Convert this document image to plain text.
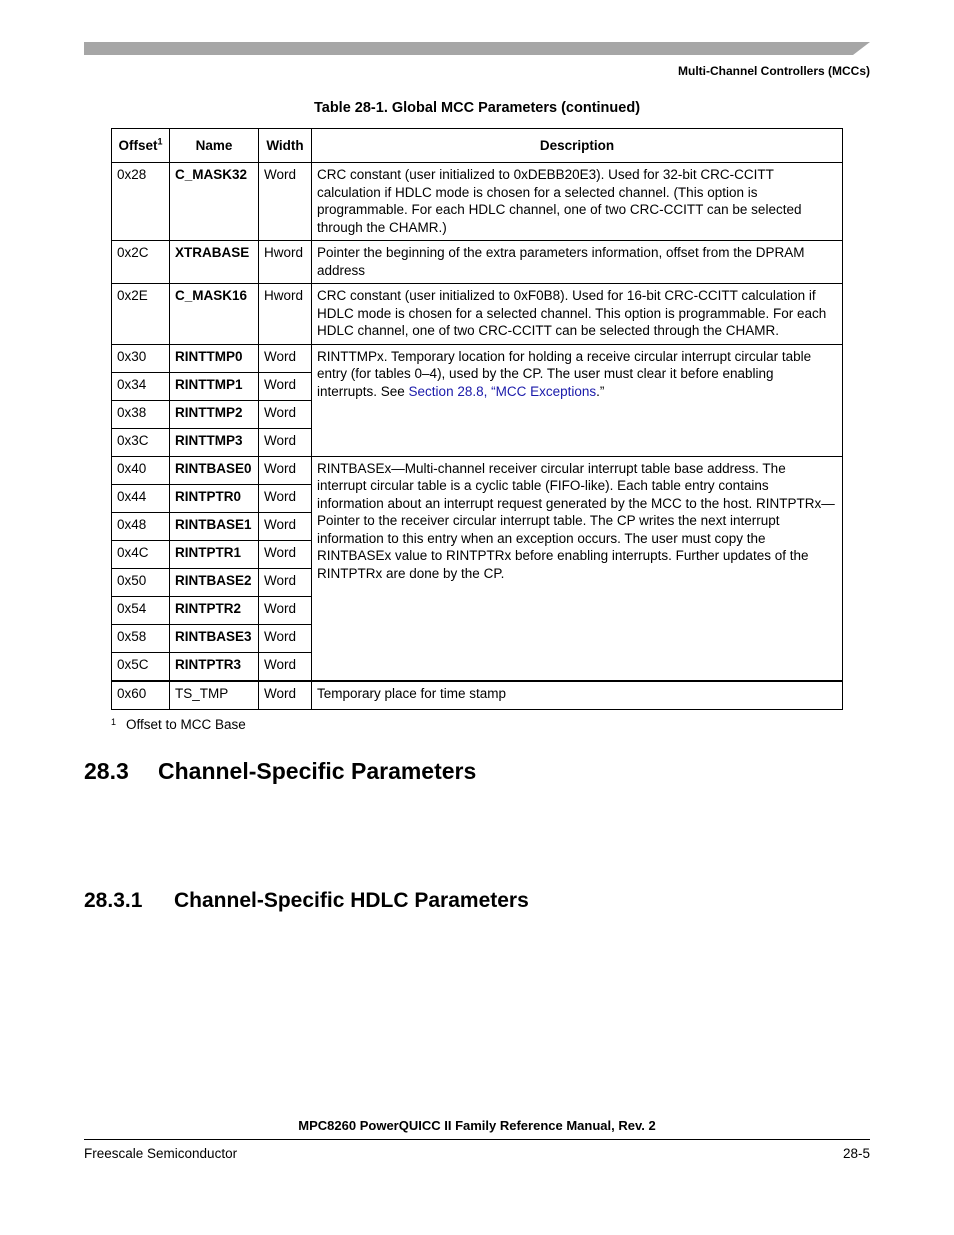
Multi-Channel Controllers (MCCs)
Table 28-1. Global MCC Parameters (continued)
Offset$^1$	Name	Width	Description
0x28	C_MASK32	Word	CRC constant (user initialized to 0xDEBB20E3). Used for 32-bit CRC-CCITT calculation if HDLC mode is chosen for a selected channel. (This option is programmable. For each HDLC channel, one of two CRC-CCITT can be selected through the CHAMR.)
0x2C	XTRABASE	Hword	Pointer the beginning of the extra parameters information, offset from the DPRAM address
0x2E	C_MASK16	Hword	CRC constant (user initialized to 0xF0B8). Used for 16-bit CRC-CCITT calculation if HDLC mode is chosen for a selected channel. This option is programmable. For each HDLC channel, one of two CRC-CCITT can be selected through the CHAMR.
0x30	RINTTMP0	Word	RINTTMPx. Temporary location for holding a receive circular interrupt circular table entry (for tables 0–4), used by the CP. The user must clear it before enabling interrupts. See Section 28.8, “MCC Exceptions.”
0x34	RINTTMP1	Word	
0x38	RINTTMP2	Word	
0x3C	RINTTMP3	Word	
0x40	RINTBASE0	Word	RINTBASEx—Multi-channel receiver circular interrupt table base address. The interrupt circular table is a cyclic table (FIFO-like). Each table entry contains information about an interrupt request generated by the MCC to the host. RINTPTRx—Pointer to the receiver circular interrupt table. The CP writes the next interrupt information to this entry when an exception occurs. The user must copy the RINTBASEx value to RINTPTRx before enabling interrupts. Further updates of the RINTPTRx are done by the CP.
0x44	RINTPTR0	Word	
0x48	RINTBASE1	Word	
0x4C	RINTPTR1	Word	
0x50	RINTBASE2	Word	
0x54	RINTPTR2	Word	
0x58	RINTBASE3	Word	
0x5C	RINTPTR3	Word	
0x60	TS_TMP	Word	Temporary place for time stamp
$^1$ Offset to MCC Base
28.3 Channel-Specific Parameters
28.3.1 Channel-Specific HDLC Parameters
MPC8260 PowerQUICC II Family Reference Manual, Rev. 2
Freescale Semiconductor	28-5
